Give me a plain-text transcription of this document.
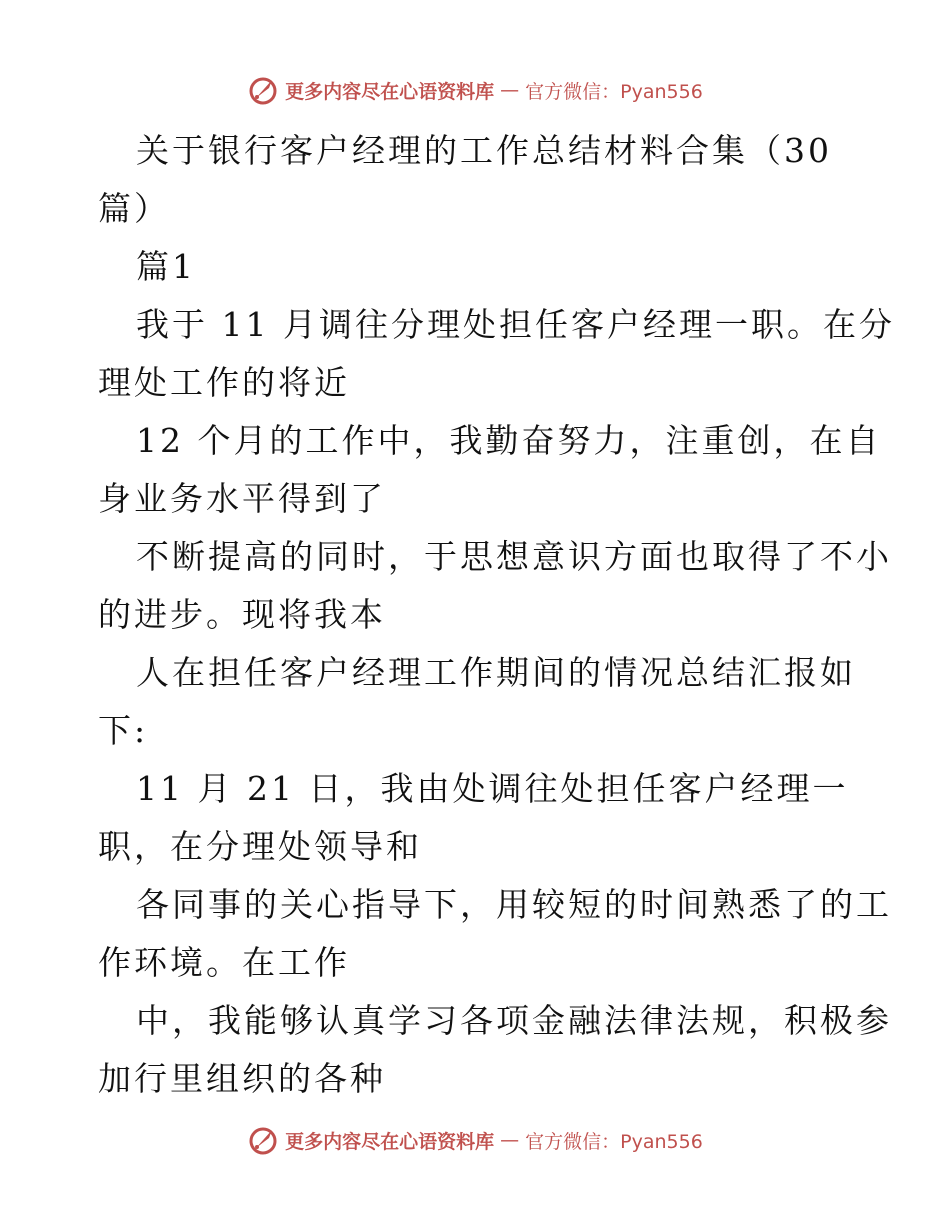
更多内容尽在心语资料库 — 官方微信：Pyan556
关于银行客户经理的工作总结材料合集（30
篇）
篇1
我于 11 月调往分理处担任客户经理一职。在分
理处工作的将近
12 个月的工作中，我勤奋努力，注重创，在自
身业务水平得到了
不断提高的同时，于思想意识方面也取得了不小
的进步。现将我本
人在担任客户经理工作期间的情况总结汇报如
下:
11 月 21 日，我由处调往处担任客户经理一
职，在分理处领导和
各同事的关心指导下，用较短的时间熟悉了的工
作环境。在工作
中，我能够认真学习各项金融法律法规，积极参
加行里组织的各种
更多内容尽在心语资料库 — 官方微信：Pyan556
